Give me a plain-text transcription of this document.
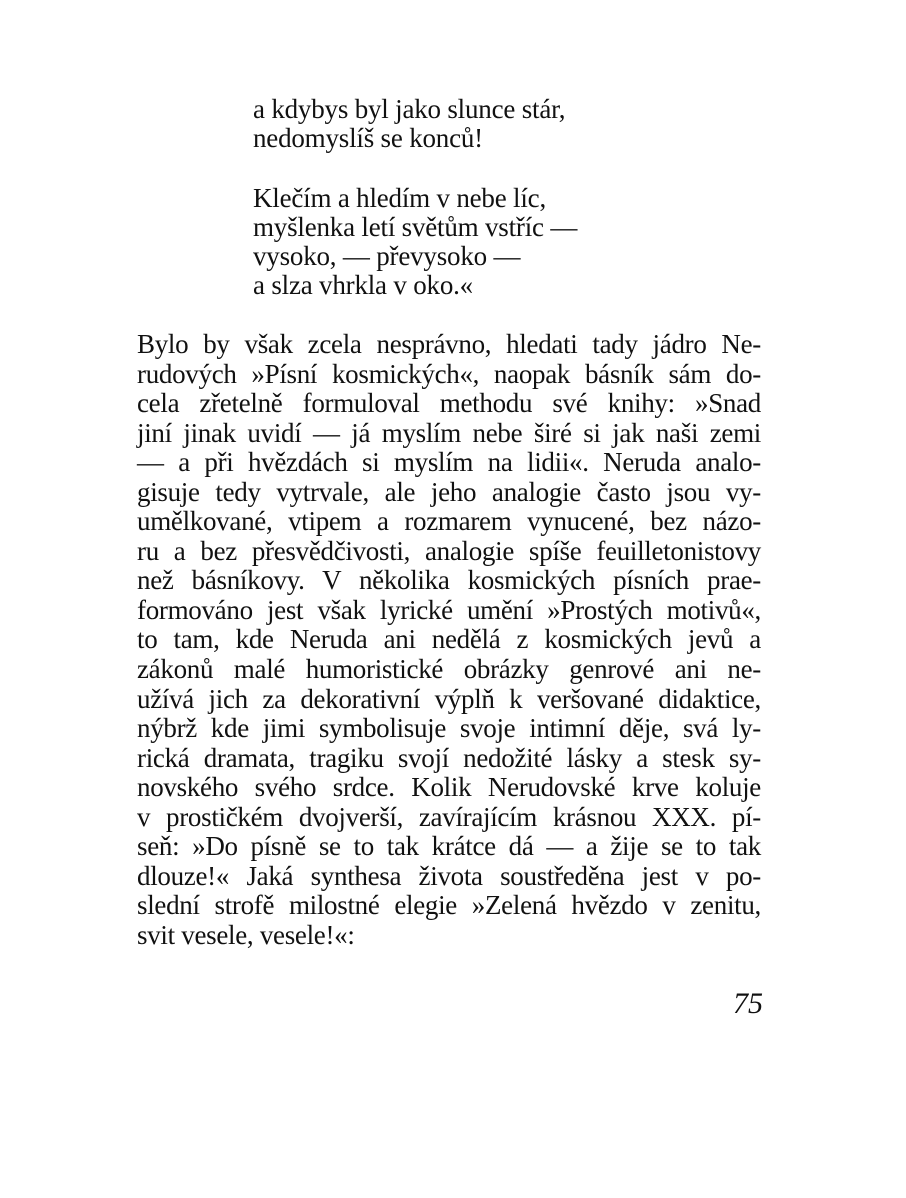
a kdybys byl jako slunce stár,
nedomyslíš se konců!
Klečím a hledím v nebe líc,
myšlenka letí světům vstříc —
vysoko, — převysoko —
a slza vhrkla v oko.«
Bylo by však zcela nesprávno, hledati tady jádro Ne-
rudových »Písní kosmických«, naopak básník sám do-
cela zřetelně formuloval methodu své knihy: »Snad
jiní jinak uvidí — já myslím nebe širé si jak naši zemi
— a při hvězdách si myslím na lidii«. Neruda analo-
gisuje tedy vytrvale, ale jeho analogie často jsou vy-
umělkované, vtipem a rozmarem vynucené, bez názo-
ru a bez přesvědčivosti, analogie spíše feuilletonistovy
než básníkovy. V několika kosmických písních prae-
formováno jest však lyrické umění »Prostých motivů«,
to tam, kde Neruda ani nedělá z kosmických jevů a
zákonů malé humoristické obrázky genrové ani ne-
užívá jich za dekorativní výplň k veršované didaktice,
nýbrž kde jimi symbolisuje svoje intimní děje, svá ly-
rická dramata, tragiku svojí nedožité lásky a stesk sy-
novského svého srdce. Kolik Nerudovské krve koluje
v prostičkém dvojverší, zavírajícím krásnou XXX. pí-
seň: »Do písně se to tak krátce dá — a žije se to tak
dlouze!« Jaká synthesa života soustředěna jest v po-
slední strofě milostné elegie »Zelená hvězdo v zenitu,
svit vesele, vesele!«:
75
